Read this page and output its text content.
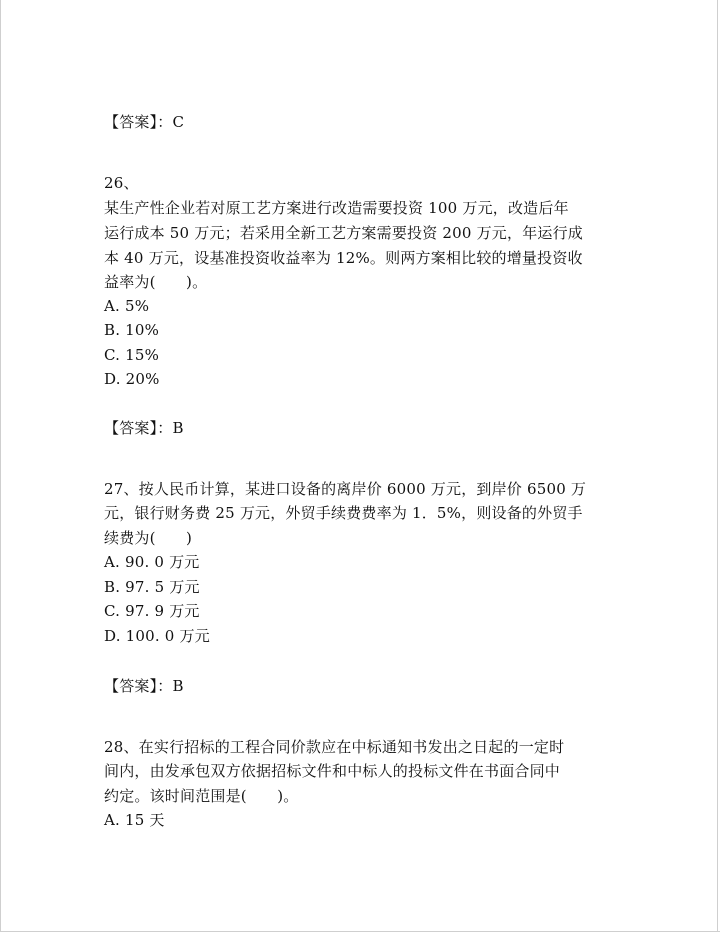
【答案】：C
26、
某生产性企业若对原工艺方案进行改造需要投资 100 万元，改造后年
运行成本 50 万元；若采用全新工艺方案需要投资 200 万元，年运行成
本 40 万元，设基准投资收益率为 12%。则两方案相比较的增量投资收
益率为(　　)。
A. 5%
B. 10%
C. 15%
D. 20%
【答案】：B
27、按人民币计算，某进口设备的离岸价 6000 万元，到岸价 6500 万
元，银行财务费 25 万元，外贸手续费费率为 1．5%，则设备的外贸手
续费为(　　)
A. 90. 0 万元
B. 97. 5 万元
C. 97. 9 万元
D. 100. 0 万元
【答案】：B
28、在实行招标的工程合同价款应在中标通知书发出之日起的一定时
间内，由发承包双方依据招标文件和中标人的投标文件在书面合同中
约定。该时间范围是(　　)。
A. 15 天
